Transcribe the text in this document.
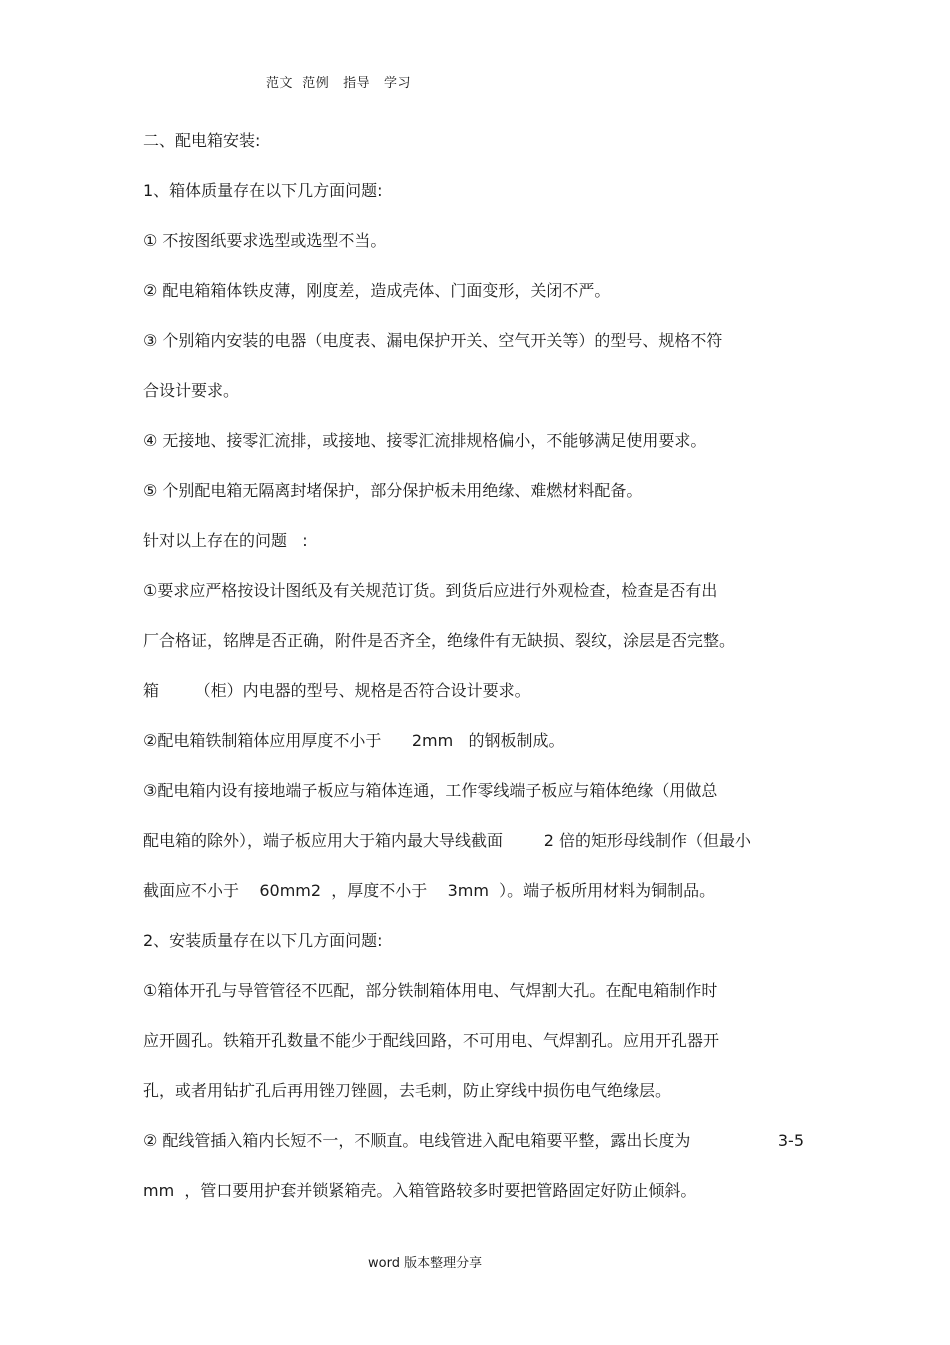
范文  范例   指导   学习
二、配电箱安装:
1、箱体质量存在以下几方面问题:
① 不按图纸要求选型或选型不当。
② 配电箱箱体铁皮薄，刚度差，造成壳体、门面变形，关闭不严。
③ 个别箱内安装的电器（电度表、漏电保护开关、空气开关等）的型号、规格不符
合设计要求。
④ 无接地、接零汇流排，或接地、接零汇流排规格偏小，不能够满足使用要求。
⑤ 个别配电箱无隔离封堵保护，部分保护板未用绝缘、难燃材料配备。
针对以上存在的问题   :
①要求应严格按设计图纸及有关规范订货。到货后应进行外观检查，检查是否有出
厂合格证，铭牌是否正确，附件是否齐全，绝缘件有无缺损、裂纹，涂层是否完整。
箱       （柜）内电器的型号、规格是否符合设计要求。
②配电箱铁制箱体应用厚度不小于      2mm   的钢板制成。
③配电箱内设有接地端子板应与箱体连通，工作零线端子板应与箱体绝缘（用做总
配电箱的除外），端子板应用大于箱内最大导线截面        2 倍的矩形母线制作（但最小
截面应不小于    60mm2  ，厚度不小于    3mm  ）。端子板所用材料为铜制品。
2、安装质量存在以下几方面问题:
①箱体开孔与导管管径不匹配，部分铁制箱体用电、气焊割大孔。在配电箱制作时
应开圆孔。铁箱开孔数量不能少于配线回路，不可用电、气焊割孔。应用开孔器开
孔，或者用钻扩孔后再用锉刀锉圆，去毛刺，防止穿线中损伤电气绝缘层。
② 配线管插入箱内长短不一，不顺直。电线管进入配电箱要平整，露出长度为	3-5
mm  ，管口要用护套并锁紧箱壳。入箱管路较多时要把管路固定好防止倾斜。
word 版本整理分享
